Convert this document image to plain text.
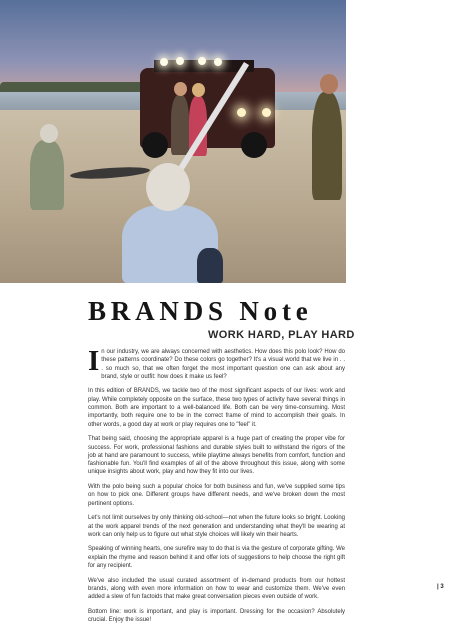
BRANDS Note
WORK HARD, PLAY HARD

In our industry, we are always concerned with aesthetics. How does this polo look? How do these patterns coordinate? Do these colors go together? It's a visual world that we live in . . . so much so, that we often forget the most important question one can ask about any brand, style or outfit: how does it make us feel?

In this edition of BRANDS, we tackle two of the most significant aspects of our lives: work and play. While completely opposite on the surface, these two types of activity have several things in common. Both are important to a well-balanced life. Both can be very time-consuming. Most importantly, both require one to be in the correct frame of mind to accomplish their goals. In other words, a good day at work or play requires one to "feel" it.

That being said, choosing the appropriate apparel is a huge part of creating the proper vibe for success. For work, professional fashions and durable styles built to withstand the rigors of the job at hand are paramount to success, while playtime always benefits from comfort, function and fashionable fun. You'll find examples of all of the above throughout this issue, along with some unique insights about work, play and how they fit into our lives.

With the polo being such a popular choice for both business and fun, we've supplied some tips on how to pick one. Different groups have different needs, and we've broken down the most pertinent options.

Let's not limit ourselves by only thinking old-school—not when the future looks so bright. Looking at the work apparel trends of the next generation and understanding what they'll be wearing at work can only help us to figure out what style choices will likely win their hearts.

Speaking of winning hearts, one surefire way to do that is via the gesture of corporate gifting. We explain the rhyme and reason behind it and offer lots of suggestions to help choose the right gift for any recipient.

We've also included the usual curated assortment of in-demand products from our hottest brands, along with even more information on how to wear and customize them. We've even added a slew of fun factoids that make great conversation pieces even outside of work.

Bottom line: work is important, and play is important. Dressing for the occasion? Absolutely crucial. Enjoy the issue!

| 3
